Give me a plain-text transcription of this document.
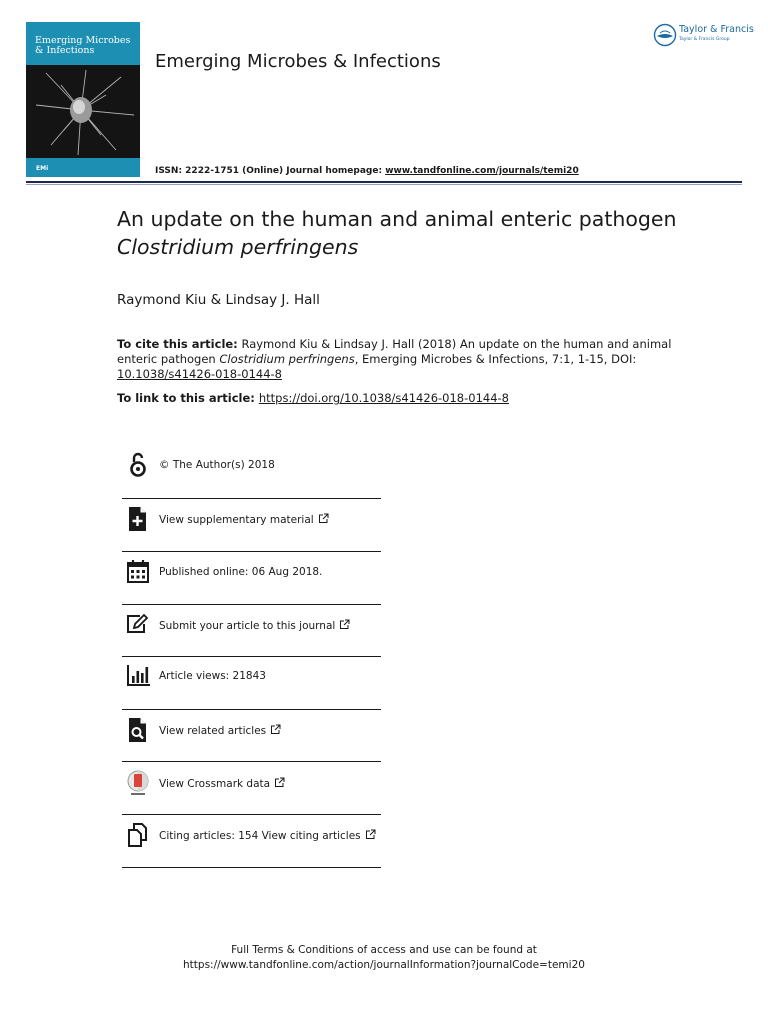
Emerging Microbes & Infections
EMi
Emerging Microbes & Infections
ISSN: 2222-1751 (Online) Journal homepage: www.tandfonline.com/journals/temi20
Taylor & Francis
Taylor & Francis Group
An update on the human and animal enteric pathogen Clostridium perfringens
Raymond Kiu & Lindsay J. Hall
To cite this article: Raymond Kiu & Lindsay J. Hall (2018) An update on the human and animal enteric pathogen Clostridium perfringens, Emerging Microbes & Infections, 7:1, 1-15, DOI: 10.1038/s41426-018-0144-8
To link to this article: https://doi.org/10.1038/s41426-018-0144-8
© The Author(s) 2018
View supplementary material
Published online: 06 Aug 2018.
Submit your article to this journal
Article views: 21843
View related articles
View Crossmark data
Citing articles: 154 View citing articles
Full Terms & Conditions of access and use can be found at
https://www.tandfonline.com/action/journalInformation?journalCode=temi20
